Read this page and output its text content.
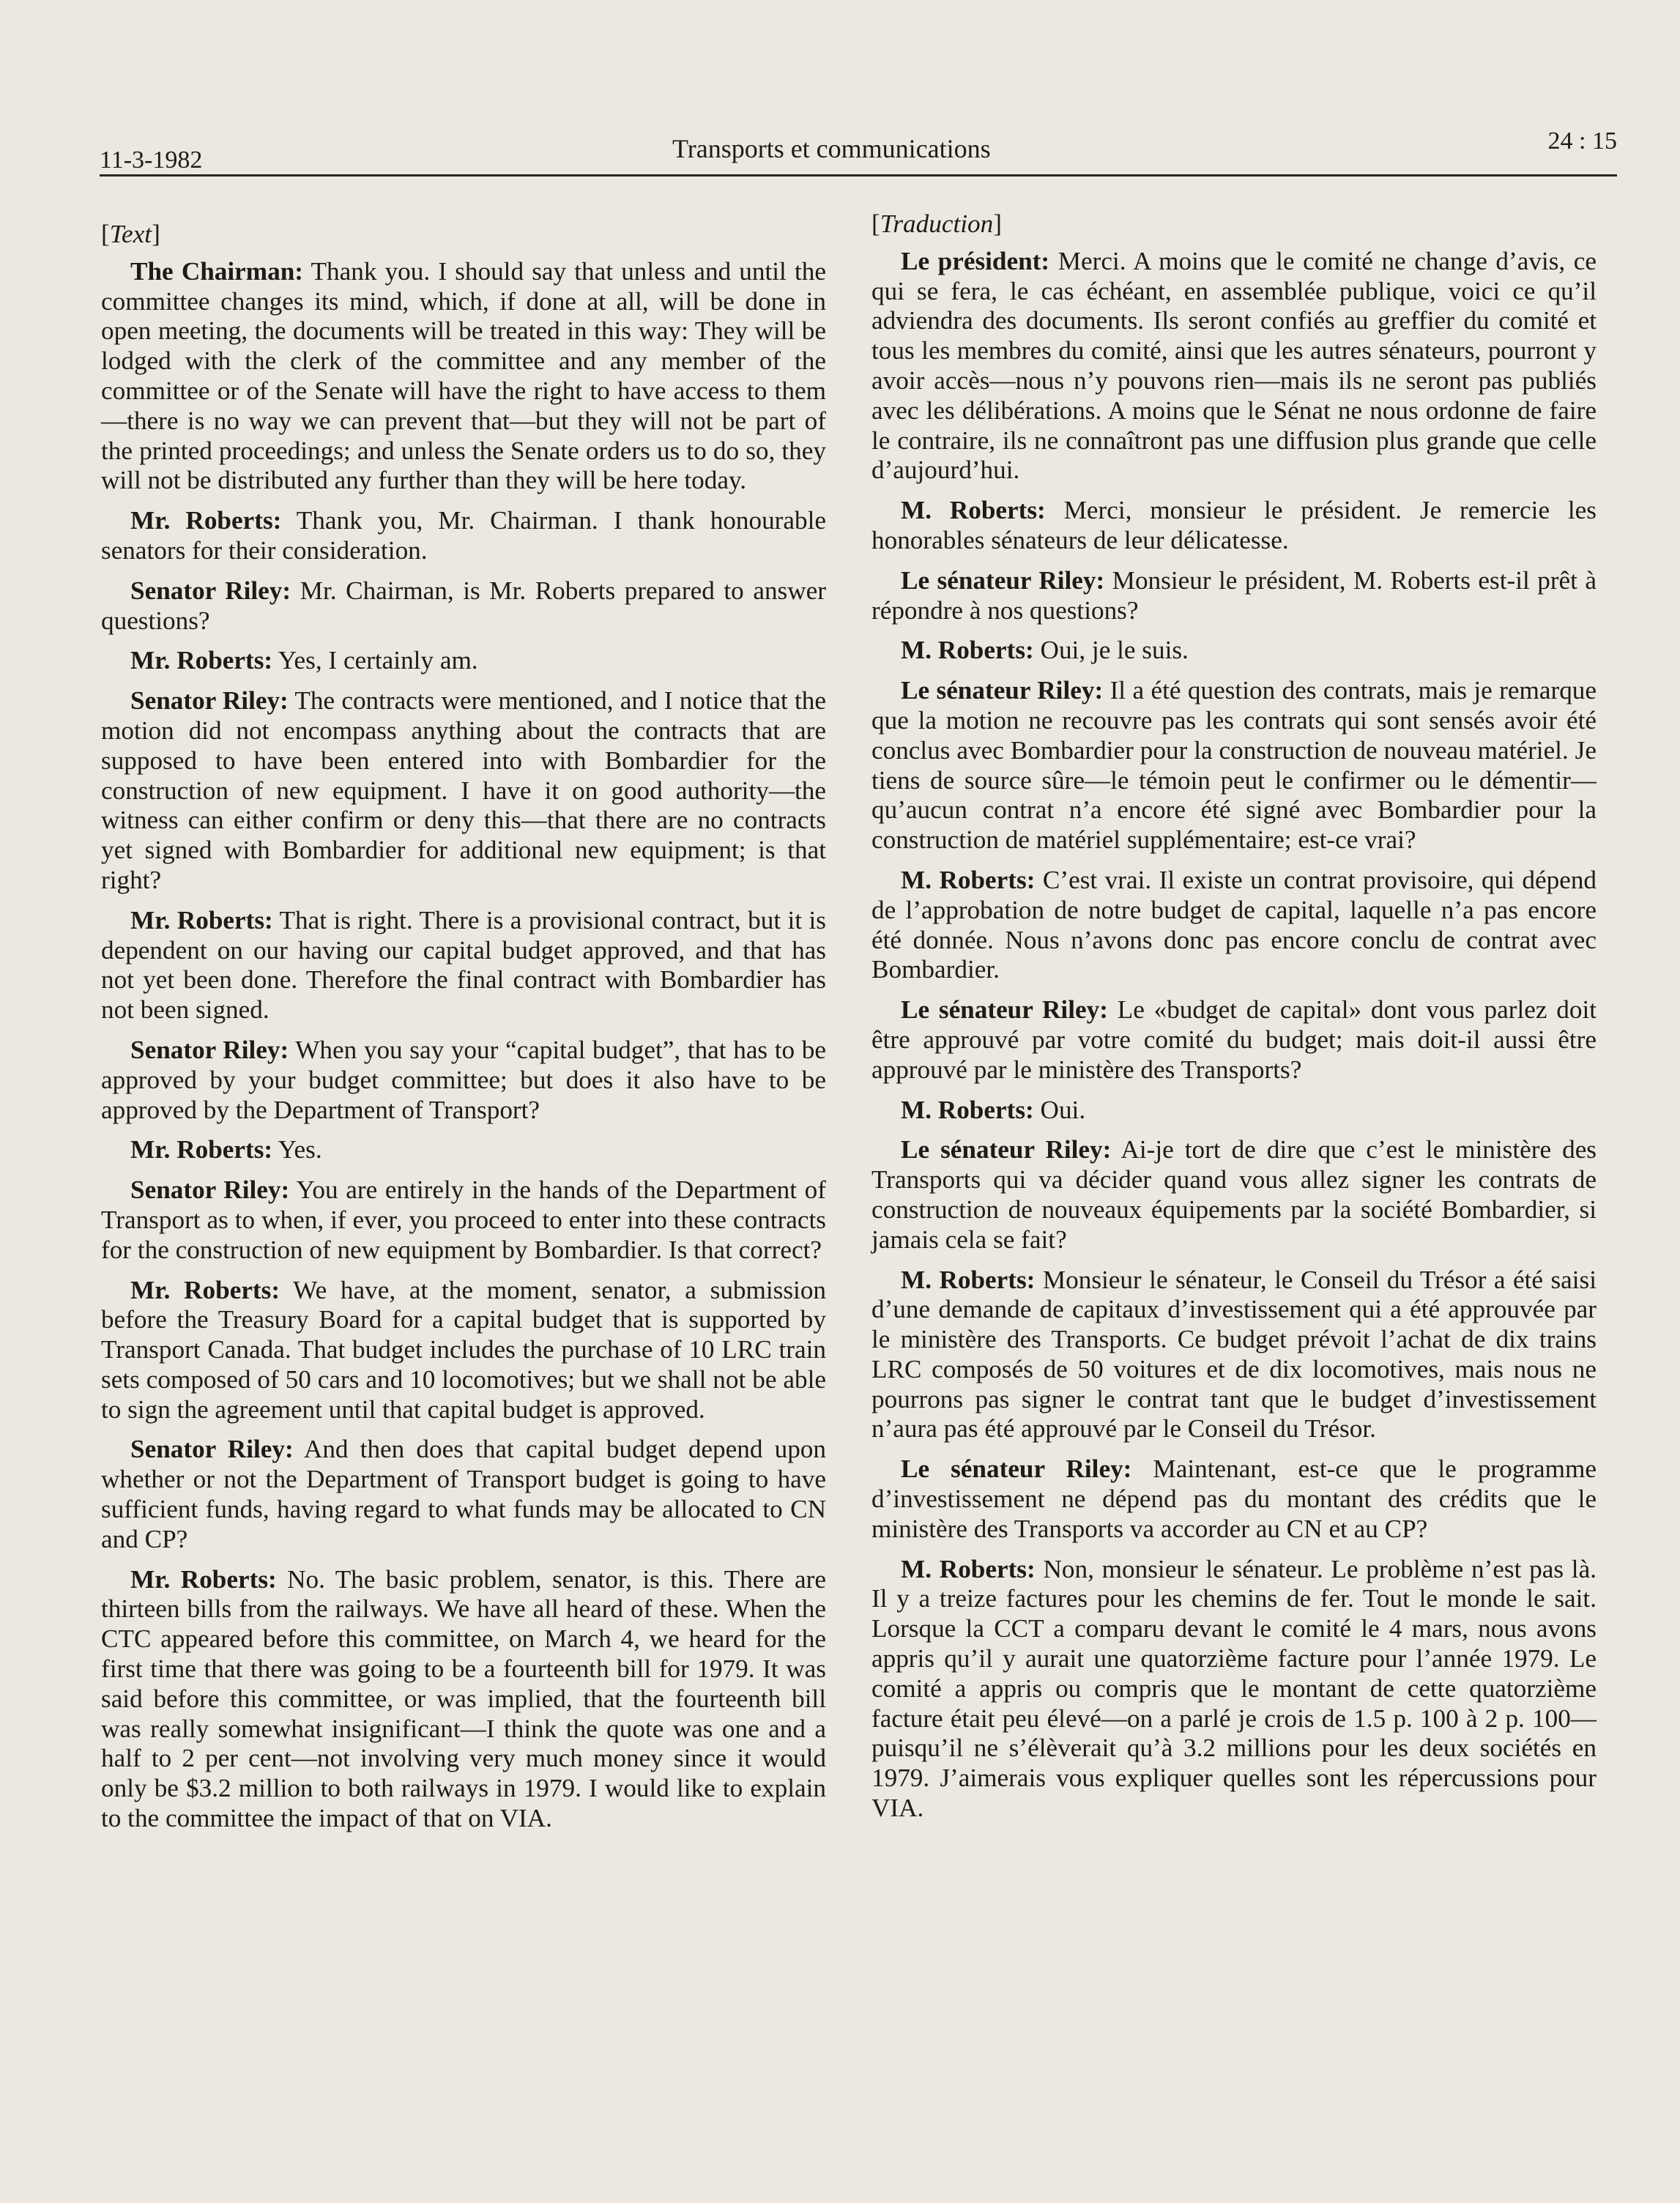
11-3-1982	Transports et communications	24 : 15
[Text]

The Chairman: Thank you. I should say that unless and until the committee changes its mind, which, if done at all, will be done in open meeting, the documents will be treated in this way: They will be lodged with the clerk of the committee and any member of the committee or of the Senate will have the right to have access to them—there is no way we can prevent that—but they will not be part of the printed proceedings; and unless the Senate orders us to do so, they will not be distributed any further than they will be here today.

Mr. Roberts: Thank you, Mr. Chairman. I thank honourable senators for their consideration.

Senator Riley: Mr. Chairman, is Mr. Roberts prepared to answer questions?

Mr. Roberts: Yes, I certainly am.

Senator Riley: The contracts were mentioned, and I notice that the motion did not encompass anything about the contracts that are supposed to have been entered into with Bombardier for the construction of new equipment. I have it on good authority—the witness can either confirm or deny this—that there are no contracts yet signed with Bombardier for additional new equipment; is that right?

Mr. Roberts: That is right. There is a provisional contract, but it is dependent on our having our capital budget approved, and that has not yet been done. Therefore the final contract with Bombardier has not been signed.

Senator Riley: When you say your “capital budget”, that has to be approved by your budget committee; but does it also have to be approved by the Department of Transport?

Mr. Roberts: Yes.

Senator Riley: You are entirely in the hands of the Department of Transport as to when, if ever, you proceed to enter into these contracts for the construction of new equipment by Bombardier. Is that correct?

Mr. Roberts: We have, at the moment, senator, a submission before the Treasury Board for a capital budget that is supported by Transport Canada. That budget includes the purchase of 10 LRC train sets composed of 50 cars and 10 locomotives; but we shall not be able to sign the agreement until that capital budget is approved.

Senator Riley: And then does that capital budget depend upon whether or not the Department of Transport budget is going to have sufficient funds, having regard to what funds may be allocated to CN and CP?

Mr. Roberts: No. The basic problem, senator, is this. There are thirteen bills from the railways. We have all heard of these. When the CTC appeared before this committee, on March 4, we heard for the first time that there was going to be a fourteenth bill for 1979. It was said before this committee, or was implied, that the fourteenth bill was really somewhat insignificant—I think the quote was one and a half to 2 per cent—not involving very much money since it would only be $3.2 million to both railways in 1979. I would like to explain to the committee the impact of that on VIA.

[Traduction]

Le président: Merci. A moins que le comité ne change d’avis, ce qui se fera, le cas échéant, en assemblée publique, voici ce qu’il adviendra des documents. Ils seront confiés au greffier du comité et tous les membres du comité, ainsi que les autres sénateurs, pourront y avoir accès—nous n’y pouvons rien—mais ils ne seront pas publiés avec les délibérations. A moins que le Sénat ne nous ordonne de faire le contraire, ils ne connaîtront pas une diffusion plus grande que celle d’aujourd’hui.

M. Roberts: Merci, monsieur le président. Je remercie les honorables sénateurs de leur délicatesse.

Le sénateur Riley: Monsieur le président, M. Roberts est-il prêt à répondre à nos questions?

M. Roberts: Oui, je le suis.

Le sénateur Riley: Il a été question des contrats, mais je remarque que la motion ne recouvre pas les contrats qui sont sensés avoir été conclus avec Bombardier pour la construction de nouveau matériel. Je tiens de source sûre—le témoin peut le confirmer ou le démentir—qu’aucun contrat n’a encore été signé avec Bombardier pour la construction de matériel supplémentaire; est-ce vrai?

M. Roberts: C’est vrai. Il existe un contrat provisoire, qui dépend de l’approbation de notre budget de capital, laquelle n’a pas encore été donnée. Nous n’avons donc pas encore conclu de contrat avec Bombardier.

Le sénateur Riley: Le «budget de capital» dont vous parlez doit être approuvé par votre comité du budget; mais doit-il aussi être approuvé par le ministère des Transports?

M. Roberts: Oui.

Le sénateur Riley: Ai-je tort de dire que c’est le ministère des Transports qui va décider quand vous allez signer les contrats de construction de nouveaux équipements par la société Bombardier, si jamais cela se fait?

M. Roberts: Monsieur le sénateur, le Conseil du Trésor a été saisi d’une demande de capitaux d’investissement qui a été approuvée par le ministère des Transports. Ce budget prévoit l’achat de dix trains LRC composés de 50 voitures et de dix locomotives, mais nous ne pourrons pas signer le contrat tant que le budget d’investissement n’aura pas été approuvé par le Conseil du Trésor.

Le sénateur Riley: Maintenant, est-ce que le programme d’investissement ne dépend pas du montant des crédits que le ministère des Transports va accorder au CN et au CP?

M. Roberts: Non, monsieur le sénateur. Le problème n’est pas là. Il y a treize factures pour les chemins de fer. Tout le monde le sait. Lorsque la CCT a comparu devant le comité le 4 mars, nous avons appris qu’il y aurait une quatorzième facture pour l’année 1979. Le comité a appris ou compris que le montant de cette quatorzième facture était peu élevé—on a parlé je crois de 1.5 p. 100 à 2 p. 100—puisqu’il ne s’élèverait qu’à 3.2 millions pour les deux sociétés en 1979. J’aimerais vous expliquer quelles sont les répercussions pour VIA.
